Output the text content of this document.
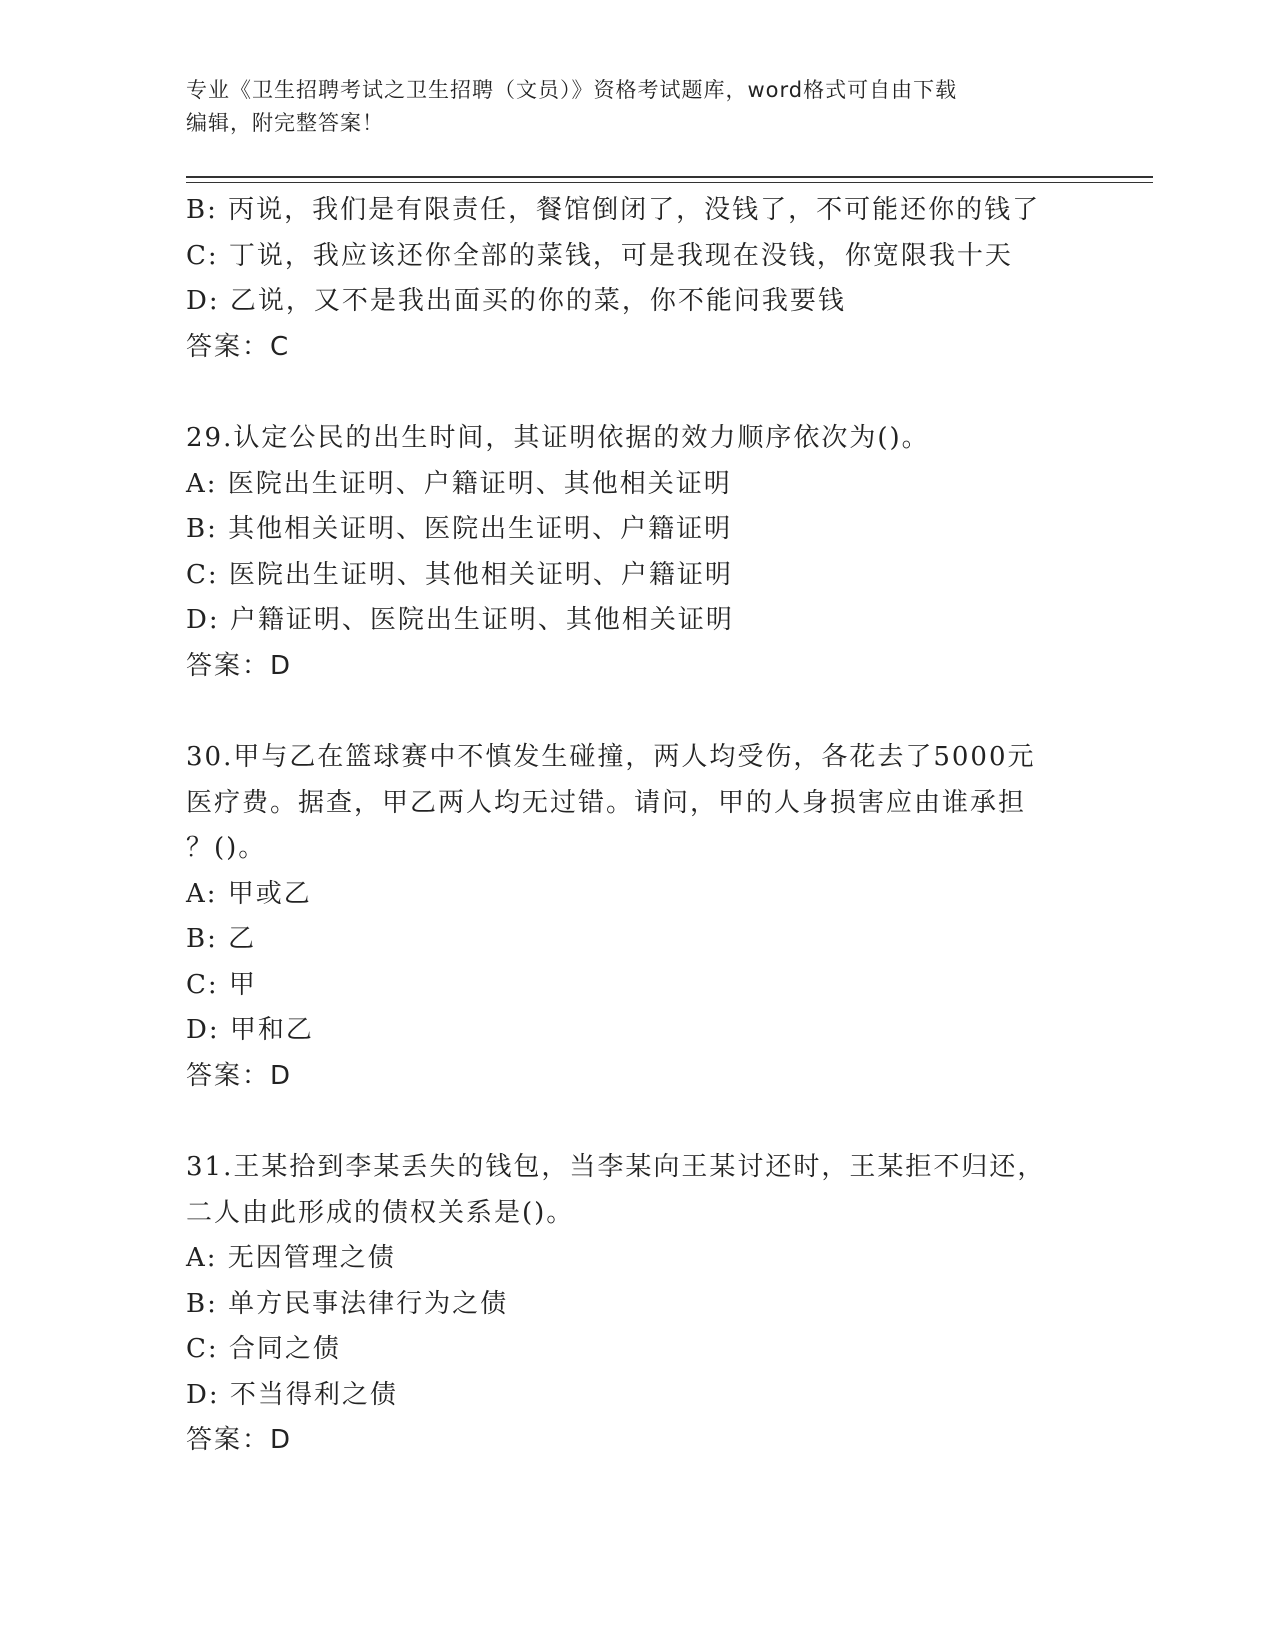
专业《卫生招聘考试之卫生招聘（文员）》资格考试题库，word格式可自由下载

编辑，附完整答案！

B: 丙说，我们是有限责任，餐馆倒闭了，没钱了，不可能还你的钱了
C: 丁说，我应该还你全部的菜钱，可是我现在没钱，你宽限我十天
D: 乙说，又不是我出面买的你的菜，你不能问我要钱
答案：C
29.认定公民的出生时间，其证明依据的效力顺序依次为()。
A: 医院出生证明、户籍证明、其他相关证明
B: 其他相关证明、医院出生证明、户籍证明
C: 医院出生证明、其他相关证明、户籍证明
D: 户籍证明、医院出生证明、其他相关证明
答案：D
30.甲与乙在篮球赛中不慎发生碰撞，两人均受伤，各花去了5000元
医疗费。据查，甲乙两人均无过错。请问，甲的人身损害应由谁承担
？()。
A: 甲或乙
B: 乙
C: 甲
D: 甲和乙
答案：D
31.王某拾到李某丢失的钱包，当李某向王某讨还时，王某拒不归还，
二人由此形成的债权关系是()。
A: 无因管理之债
B: 单方民事法律行为之债
C: 合同之债
D: 不当得利之债
答案：D
